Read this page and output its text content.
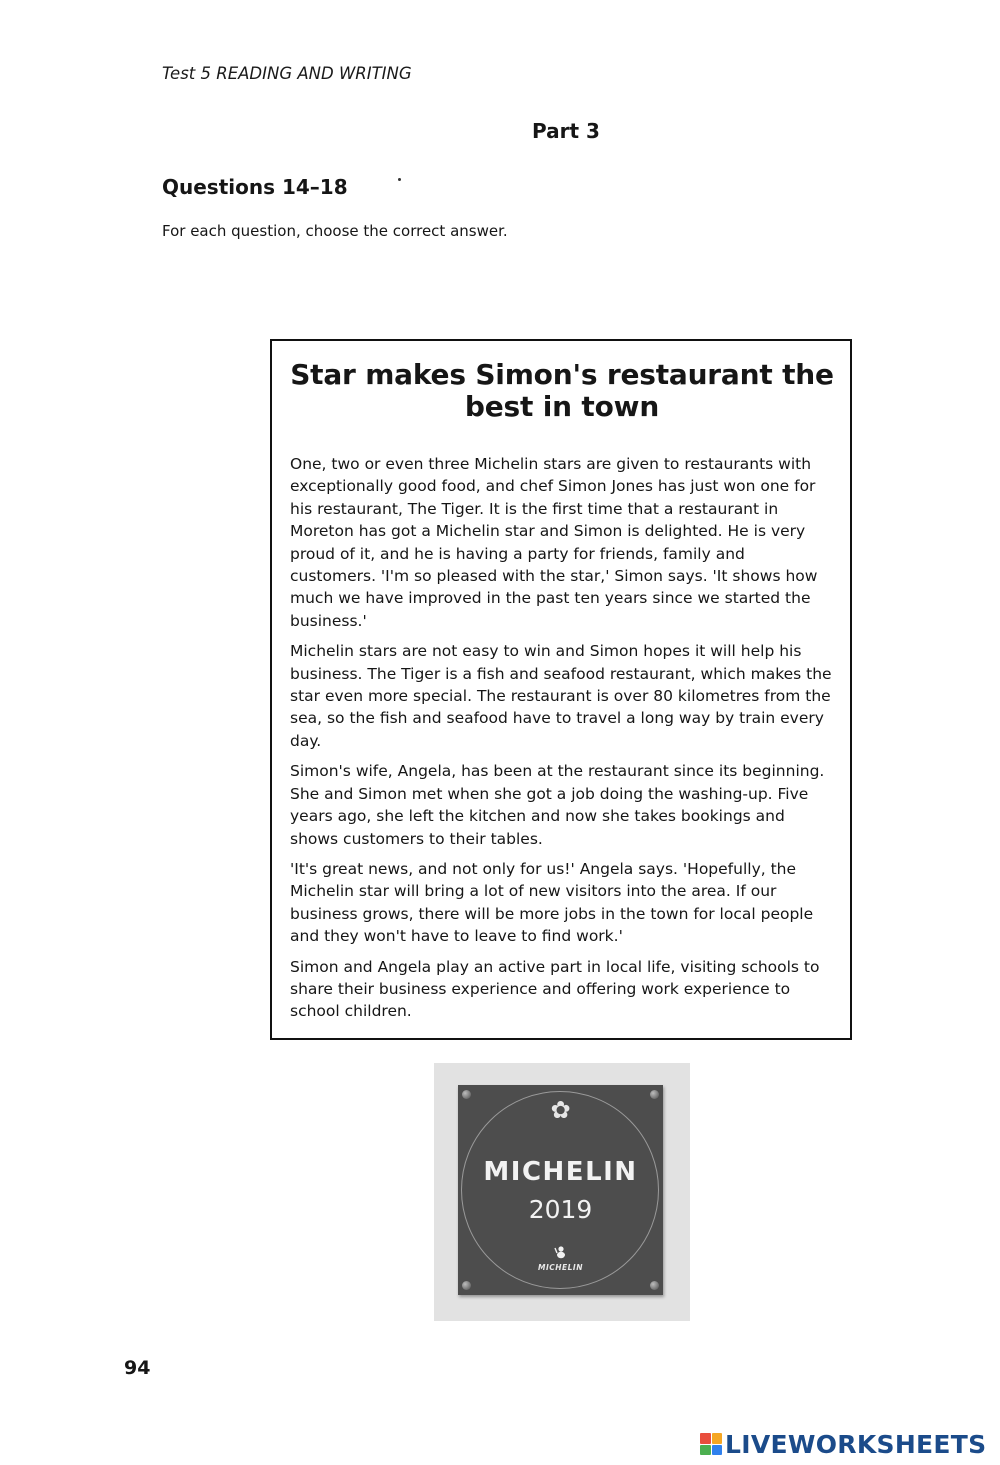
Test 5 READING AND WRITING
Part 3
Questions 14–18
For each question, choose the correct answer.
Star makes Simon's restaurant the best in town

One, two or even three Michelin stars are given to restaurants with exceptionally good food, and chef Simon Jones has just won one for his restaurant, The Tiger. It is the first time that a restaurant in Moreton has got a Michelin star and Simon is delighted. He is very proud of it, and he is having a party for friends, family and customers. 'I'm so pleased with the star,' Simon says. 'It shows how much we have improved in the past ten years since we started the business.'

Michelin stars are not easy to win and Simon hopes it will help his business. The Tiger is a fish and seafood restaurant, which makes the star even more special. The restaurant is over 80 kilometres from the sea, so the fish and seafood have to travel a long way by train every day.

Simon's wife, Angela, has been at the restaurant since its beginning. She and Simon met when she got a job doing the washing-up. Five years ago, she left the kitchen and now she takes bookings and shows customers to their tables.

'It's great news, and not only for us!' Angela says. 'Hopefully, the Michelin star will bring a lot of new visitors into the area. If our business grows, there will be more jobs in the town for local people and they won't have to leave to find work.'

Simon and Angela play an active part in local life, visiting schools to share their business experience and offering work experience to school children.

✿
MICHELIN
2019
MICHELIN
94
LIVEWORKSHEETS
